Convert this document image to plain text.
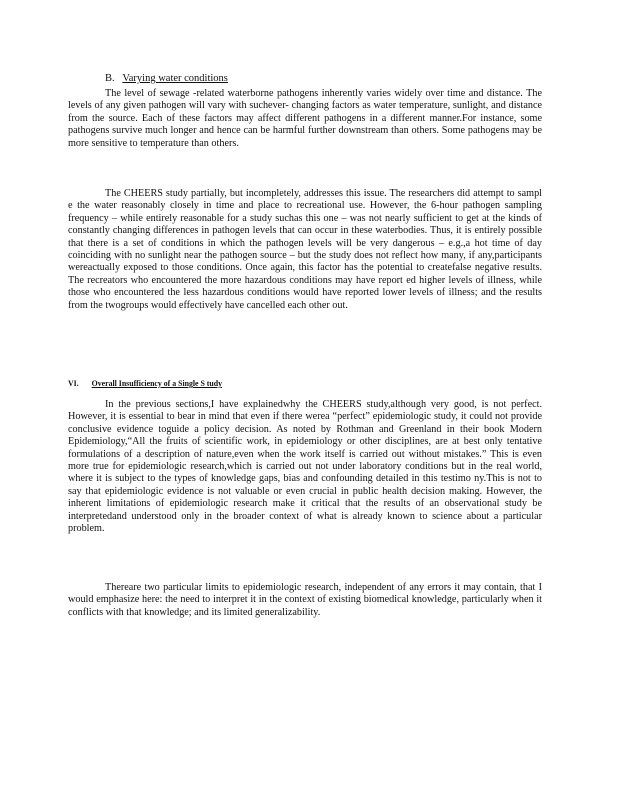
B. Varying water conditions

The level of sewage -related waterborne pathogens inherently varies widely over time and distance. The levels of any given pathogen will vary with suchever- changing factors as water temperature, sunlight, and distance from the source. Each of these factors may affect different pathogens in a different manner.For instance, some pathogens survive much longer and hence can be harmful further downstream than others. Some pathogens may be more sensitive to temperature than others.

The CHEERS study partially, but incompletely, addresses this issue. The researchers did attempt to sampl e the water reasonably closely in time and place to recreational use. However, the 6-hour pathogen sampling frequency – while entirely reasonable for a study suchas this one – was not nearly sufficient to get at the kinds of constantly changing differences in pathogen levels that can occur in these waterbodies. Thus, it is entirely possible that there is a set of conditions in which the pathogen levels will be very dangerous – e.g.,a hot time of day coinciding with no sunlight near the pathogen source – but the study does not reflect how many, if any,participants wereactually exposed to those conditions. Once again, this factor has the potential to createfalse negative results. The recreators who encountered the more hazardous conditions may have report ed higher levels of illness, while those who encountered the less hazardous conditions would have reported lower levels of illness; and the results from the twogroups would effectively have cancelled each other out.

VI. Overall Insufficiency of a Single S tudy

In the previous sections,I have explainedwhy the CHEERS study,although very good, is not perfect. However, it is essential to bear in mind that even if there werea “perfect” epidemiologic study, it could not provide conclusive evidence toguide a policy decision. As noted by Rothman and Greenland in their book Modern Epidemiology,“All the fruits of scientific work, in epidemiology or other disciplines, are at best only tentative formulations of a description of nature,even when the work itself is carried out without mistakes.” This is even more true for epidemiologic research,which is carried out not under laboratory conditions but in the real world, where it is subject to the types of knowledge gaps, bias and confounding detailed in this testimo ny.This is not to say that epidemiologic evidence is not valuable or even crucial in public health decision making. However, the inherent limitations of epidemiologic research make it critical that the results of an observational study be interpretedand understood only in the broader context of what is already known to science about a particular problem.

Thereare two particular limits to epidemiologic research, independent of any errors it may contain, that I would emphasize here: the need to interpret it in the context of existing biomedical knowledge, particularly when it conflicts with that knowledge; and its limited generalizability.
